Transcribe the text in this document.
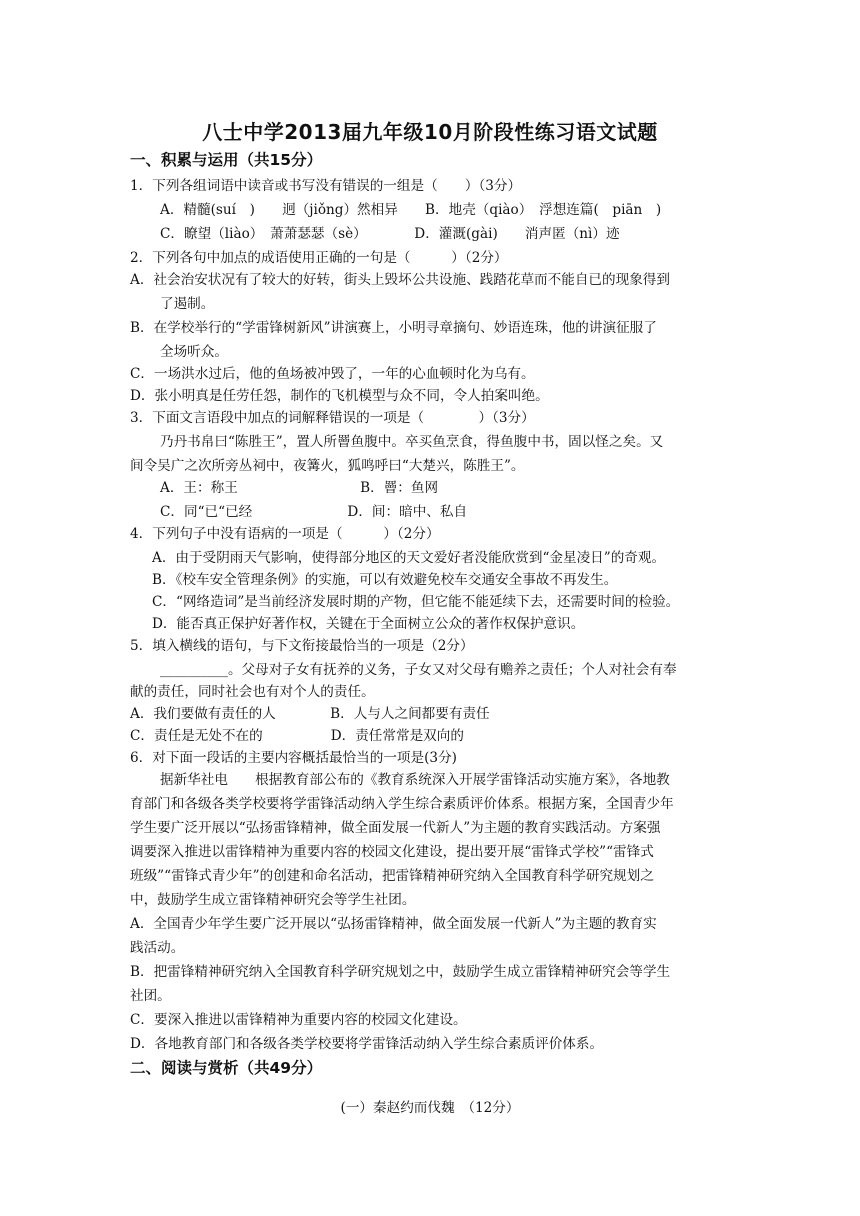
八士中学2013届九年级10月阶段性练习语文试题
一、积累与运用（共15分）
1．下列各组词语中读音或书写没有错误的一组是（　　）（3分）
A．精髓(suí　)　　迥（jiǒng）然相异　　B．地壳（qiào）　浮想连篇(　piān　)
C．瞭望（liào）　萧萧瑟瑟（sè）　　　　D．灌溉(gài)　　消声匿（nì）迹
2．下列各句中加点的成语使用正确的一句是（　　　）（2分）
A．社会治安状况有了较大的好转，街头上毁坏公共设施、践踏花草而不能自已的现象得到
了遏制。
B．在学校举行的“学雷锋树新风”讲演赛上，小明寻章摘句、妙语连珠，他的讲演征服了
全场听众。
C．一场洪水过后，他的鱼场被冲毁了，一年的心血顿时化为乌有。
D．张小明真是任劳任怨，制作的飞机模型与众不同，令人拍案叫绝。
3．下面文言语段中加点的词解释错误的一项是（　　　　）（3分）
乃丹书帛曰“陈胜王”，置人所罾鱼腹中。卒买鱼烹食，得鱼腹中书，固以怪之矣。又
间令吴广之次所旁丛祠中，夜篝火，狐鸣呼曰“大楚兴，陈胜王”。
A．王：称王　　　　　　　　　B．罾：鱼网
C．同“已“已经　　　　　　　D．间：暗中、私自
4．下列句子中没有语病的一项是（　　　）（2分）
A．由于受阴雨天气影响，使得部分地区的天文爱好者没能欣赏到“金星凌日”的奇观。
B．《校车安全管理条例》的实施，可以有效避免校车交通安全事故不再发生。
C．“网络造词”是当前经济发展时期的产物，但它能不能延续下去，还需要时间的检验。
D．能否真正保护好著作权，关键在于全面树立公众的著作权保护意识。
5．填入横线的语句，与下文衔接最恰当的一项是（2分）
__________。父母对子女有抚养的义务，子女又对父母有赡养之责任；个人对社会有奉
献的责任，同时社会也有对个人的责任。
A．我们要做有责任的人　　　　B．人与人之间都要有责任
C．责任是无处不在的　　　　　D．责任常常是双向的
6．对下面一段话的主要内容概括最恰当的一项是(3分)
据新华社电　　根据教育部公布的《教育系统深入开展学雷锋活动实施方案》，各地教
育部门和各级各类学校要将学雷锋活动纳入学生综合素质评价体系。根据方案，全国青少年
学生要广泛开展以“弘扬雷锋精神，做全面发展一代新人”为主题的教育实践活动。方案强
调要深入推进以雷锋精神为重要内容的校园文化建设，提出要开展“雷锋式学校”“雷锋式
班级”“雷锋式青少年”的创建和命名活动，把雷锋精神研究纳入全国教育科学研究规划之
中，鼓励学生成立雷锋精神研究会等学生社团。
A．全国青少年学生要广泛开展以“弘扬雷锋精神，做全面发展一代新人”为主题的教育实
践活动。
B．把雷锋精神研究纳入全国教育科学研究规划之中，鼓励学生成立雷锋精神研究会等学生
社团。
C．要深入推进以雷锋精神为重要内容的校园文化建设。
D．各地教育部门和各级各类学校要将学雷锋活动纳入学生综合素质评价体系。
二、阅读与赏析（共49分）
(一）秦赵约而伐魏　（12分）
